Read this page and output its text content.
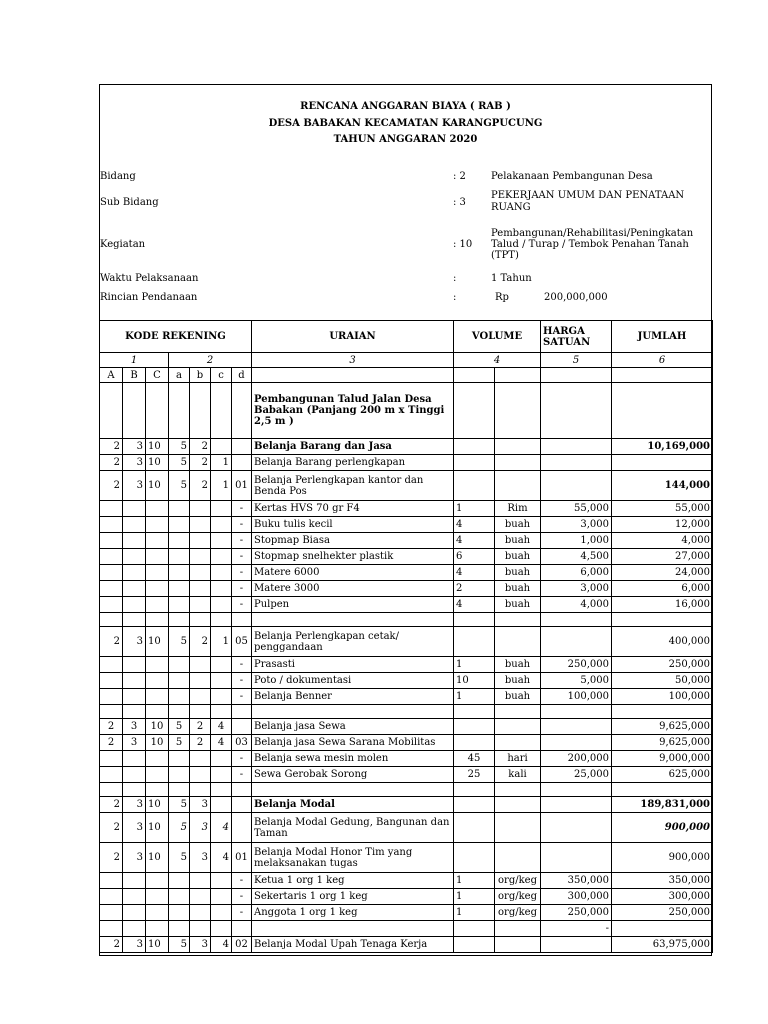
RENCANA ANGGARAN BIAYA ( RAB )
DESA BABAKAN KECAMATAN KARANGPUCUNG
TAHUN ANGGARAN 2020
Bidang	: 2	Pelakanaan Pembangunan Desa
Sub Bidang	: 3
PEKERJAAN UMUM DAN PENATAAN
RUANG
Kegiatan	: 10
Pembangunan/Rehabilitasi/Peningkatan
Talud / Turap / Tembok Penahan Tanah
(TPT)
Waktu Pelaksanaan	:	1 Tahun
Rincian Pendanaan	:	Rp	200,000,000
KODE REKENING							URAIAN	VOLUME		HARGA
SATUAN	JUMLAH
1			2				3	4		5	6
A	B	C	a	b	c	d					
							Pembangunan Talud Jalan Desa Babakan (Panjang 200 m x Tinggi 2,5 m )				
2	3	10	5	2			Belanja Barang dan Jasa				10,169,000
2	3	10	5	2	1		Belanja Barang perlengkapan				
2	3	10	5	2	1	01	Belanja Perlengkapan kantor dan Benda Pos				144,000
						-	Kertas HVS 70 gr F4	1	Rim	55,000	55,000
						-	Buku tulis kecil	4	buah	3,000	12,000
						-	Stopmap Biasa	4	buah	1,000	4,000
						-	Stopmap snelhekter plastik	6	buah	4,500	27,000
						-	Matere 6000	4	buah	6,000	24,000
						-	Matere 3000	2	buah	3,000	6,000
						-	Pulpen	4	buah	4,000	16,000

2	3	10	5	2	1	05	Belanja Perlengkapan cetak/ penggandaan				400,000
						-	Prasasti	1	buah	250,000	250,000
						-	Poto / dokumentasi	10	buah	5,000	50,000
						-	Belanja Benner	1	buah	100,000	100,000

2	3	10	5	2	4		Belanja jasa Sewa				9,625,000
2	3	10	5	2	4	03	Belanja jasa Sewa Sarana Mobilitas				9,625,000
						-	Belanja sewa mesin molen	45	hari	200,000	9,000,000
						-	Sewa Gerobak Sorong	25	kali	25,000	625,000

2	3	10	5	3			Belanja Modal				189,831,000
2	3	10	5	3	4		Belanja Modal Gedung, Bangunan dan Taman				900,000
2	3	10	5	3	4	01	Belanja Modal Honor Tim yang melaksanakan tugas				900,000
						-	Ketua 1 org 1 keg	1	org/keg	350,000	350,000
						-	Sekertaris 1 org 1 keg	1	org/keg	300,000	300,000
						-	Anggota 1 org 1 keg	1	org/keg	250,000	250,000
										-	
2	3	10	5	3	4	02	Belanja Modal Upah Tenaga Kerja				63,975,000
